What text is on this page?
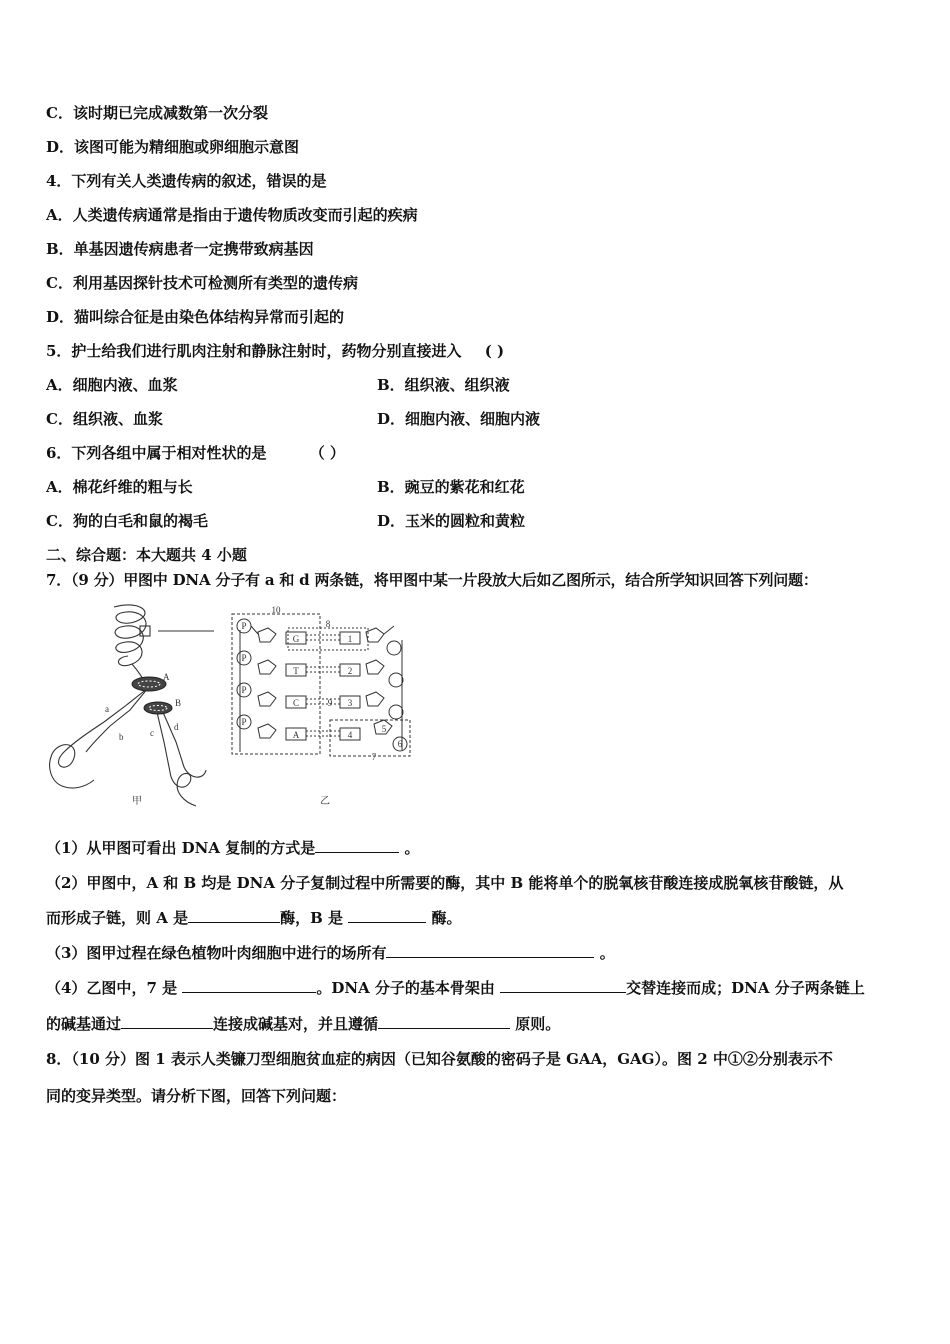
C．该时期已完成减数第一次分裂
D．该图可能为精细胞或卵细胞示意图
4．下列有关人类遗传病的叙述，错误的是
A．人类遗传病通常是指由于遗传物质改变而引起的疾病
B．单基因遗传病患者一定携带致病基因
C．利用基因探针技术可检测所有类型的遗传病
D．猫叫综合征是由染色体结构异常而引起的
5．护士给我们进行肌肉注射和静脉注射时，药物分别直接进入 ( )
A．细胞内液、血浆	B．组织液、组织液
C．组织液、血浆	D．细胞内液、细胞内液
6．下列各组中属于相对性状的是	（ ）
A．棉花纤维的粗与长	B．豌豆的紫花和红花
C．狗的白毛和鼠的褐毛	D．玉米的圆粒和黄粒
二、综合题：本大题共 4 小题
7．（9 分）甲图中 DNA 分子有 a 和 d 两条链，将甲图中某一片段放大后如乙图所示，结合所学知识回答下列问题：
A
B
a
b	c
d
甲	乙
P
P
P
P
G
T
C
A
1
2
3
4
5
6
10
8
9
7
（1）从甲图可看出 DNA 复制的方式是	。
（2）甲图中，A 和 B 均是 DNA 分子复制过程中所需要的酶，其中 B 能将单个的脱氧核苷酸连接成脱氧核苷酸链，从
而形成子链，则 A 是	酶，B 是	酶。
（3）图甲过程在绿色植物叶肉细胞中进行的场所有	。
（4）乙图中，7 是	。DNA 分子的基本骨架由	交替连接而成；DNA 分子两条链上
的碱基通过	连接成碱基对，并且遵循	原则。
8．（10 分）图 1 表示人类镰刀型细胞贫血症的病因（已知谷氨酸的密码子是 GAA，GAG）。图 2 中①②分别表示不
同的变异类型。请分析下图，回答下列问题：
